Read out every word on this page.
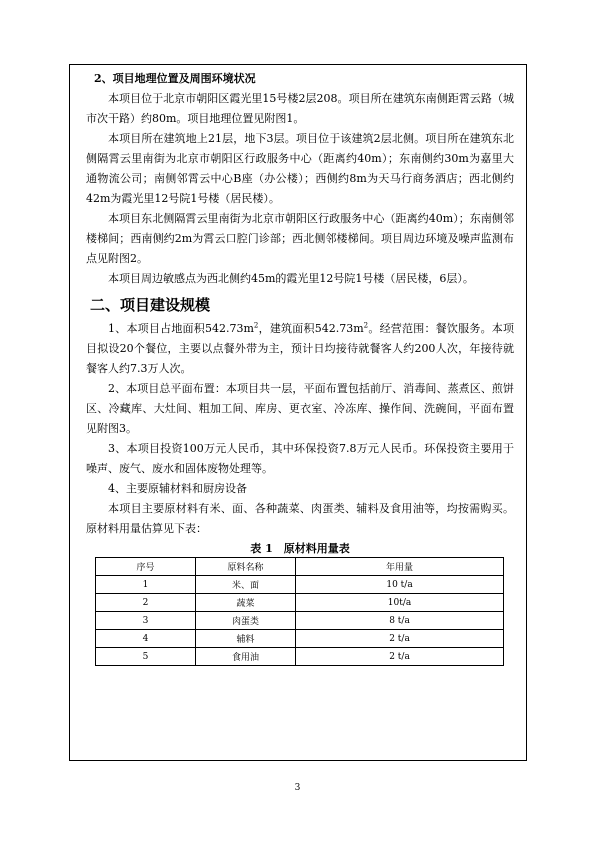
2、项目地理位置及周围环境状况

本项目位于北京市朝阳区霞光里15号楼2层208。项目所在建筑东南侧距霄云路（城市次干路）约80m。项目地理位置见附图1。

本项目所在建筑地上21层，地下3层。项目位于该建筑2层北侧。项目所在建筑东北侧隔霄云里南街为北京市朝阳区行政服务中心（距离约40m）；东南侧约30m为嘉里大通物流公司；南侧邻霄云中心B座（办公楼）；西侧约8m为天马行商务酒店；西北侧约42m为霞光里12号院1号楼（居民楼）。

本项目东北侧隔霄云里南街为北京市朝阳区行政服务中心（距离约40m）；东南侧邻楼梯间；西南侧约2m为霄云口腔门诊部；西北侧邻楼梯间。项目周边环境及噪声监测布点见附图2。

本项目周边敏感点为西北侧约45m的霞光里12号院1号楼（居民楼，6层）。

二、项目建设规模

1、本项目占地面积$542.73m^2$，建筑面积$542.73m^2$。经营范围：餐饮服务。本项目拟设20个餐位，主要以点餐外带为主，预计日均接待就餐客人约200人次，年接待就餐客人约7.3万人次。

2、本项目总平面布置：本项目共一层，平面布置包括前厅、消毒间、蒸煮区、煎饼区、冷藏库、大灶间、粗加工间、库房、更衣室、冷冻库、操作间、洗碗间，平面布置见附图3。

3、本项目投资100万元人民币，其中环保投资7.8万元人民币。环保投资主要用于噪声、废气、废水和固体废物处理等。

4、主要原辅材料和厨房设备

本项目主要原材料有米、面、各种蔬菜、肉蛋类、辅料及食用油等，均按需购买。原材料用量估算见下表：

表 1　原材料用量表

序号	原料名称	年用量
1	米、面	10 t/a
2	蔬菜	10t/a
3	肉蛋类	8 t/a
4	辅料	2 t/a
5	食用油	2 t/a
3
